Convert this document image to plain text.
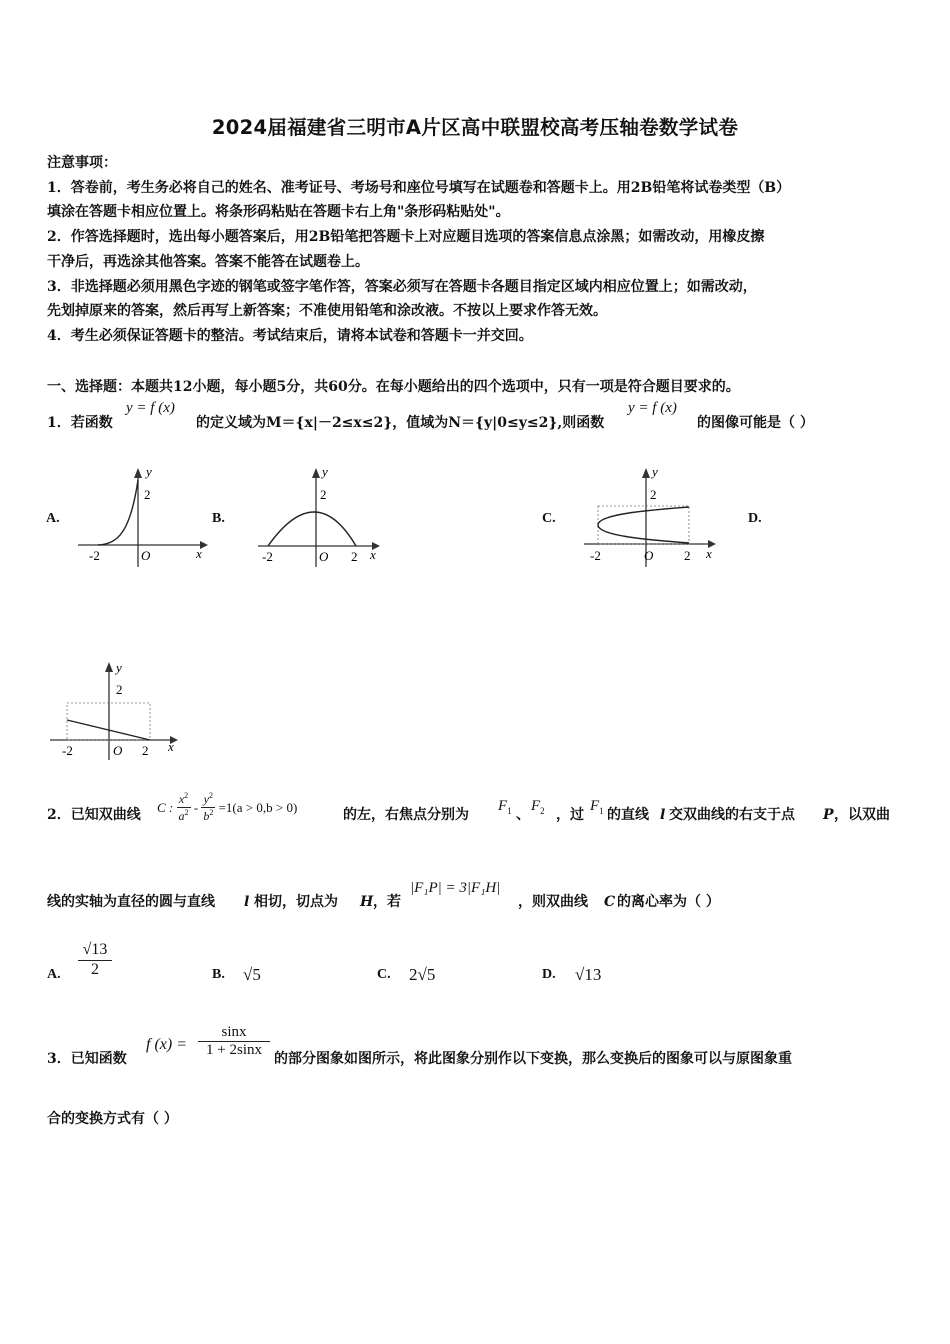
2024届福建省三明市A片区高中联盟校高考压轴卷数学试卷
注意事项：
1．答卷前，考生务必将自己的姓名、准考证号、考场号和座位号填写在试题卷和答题卡上。用2B铅笔将试卷类型（B）
填涂在答题卡相应位置上。将条形码粘贴在答题卡右上角"条形码粘贴处"。
2．作答选择题时，选出每小题答案后，用2B铅笔把答题卡上对应题目选项的答案信息点涂黑；如需改动，用橡皮擦
干净后，再选涂其他答案。答案不能答在试题卷上。
3．非选择题必须用黑色字迹的钢笔或签字笔作答，答案必须写在答题卡各题目指定区域内相应位置上；如需改动，
先划掉原来的答案，然后再写上新答案；不准使用铅笔和涂改液。不按以上要求作答无效。
4．考生必须保证答题卡的整洁。考试结束后，请将本试卷和答题卡一并交回。
一、选择题：本题共12小题，每小题5分，共60分。在每小题给出的四个选项中，只有一项是符合题目要求的。
1．若函数
y = f (x)
的定义域为M＝{x|－2≤x≤2}，值域为N＝{y|0≤y≤2},则函数
y = f (x)
的图像可能是（ ）
A.	B.	C.	D.
y
2
-2	O	x
y
2
-2	O 2 x
y
2
-2	O 2 x
y
2
-2	O 2 x
2．已知双曲线 C : $\frac{x^2}{a^2} - \frac{y^2}{b^2} =1(a > 0,b > 0)$	的左，右焦点分别为
$F_1$ 、
$F_2$ ，过
$F_1$ 的直线 l 交双曲线的右支于点 P ，以双曲
线的实轴为直径的圆与直线 l 相切，切点为 H ，若
|F₁P| = 3|F₁H|
，则双曲线 C 的离心率为（ ）
A. $\frac{√13}{2}$	B. √5	C. 2√5	D. √13
3．已知函数
f $(x) = \frac{\sin x}{1 + 2\sin x}$ 的部分图象如图所示，将此图象分别作以下变换，那么变换后的图象可以与原图象重
合的变换方式有（ ）
